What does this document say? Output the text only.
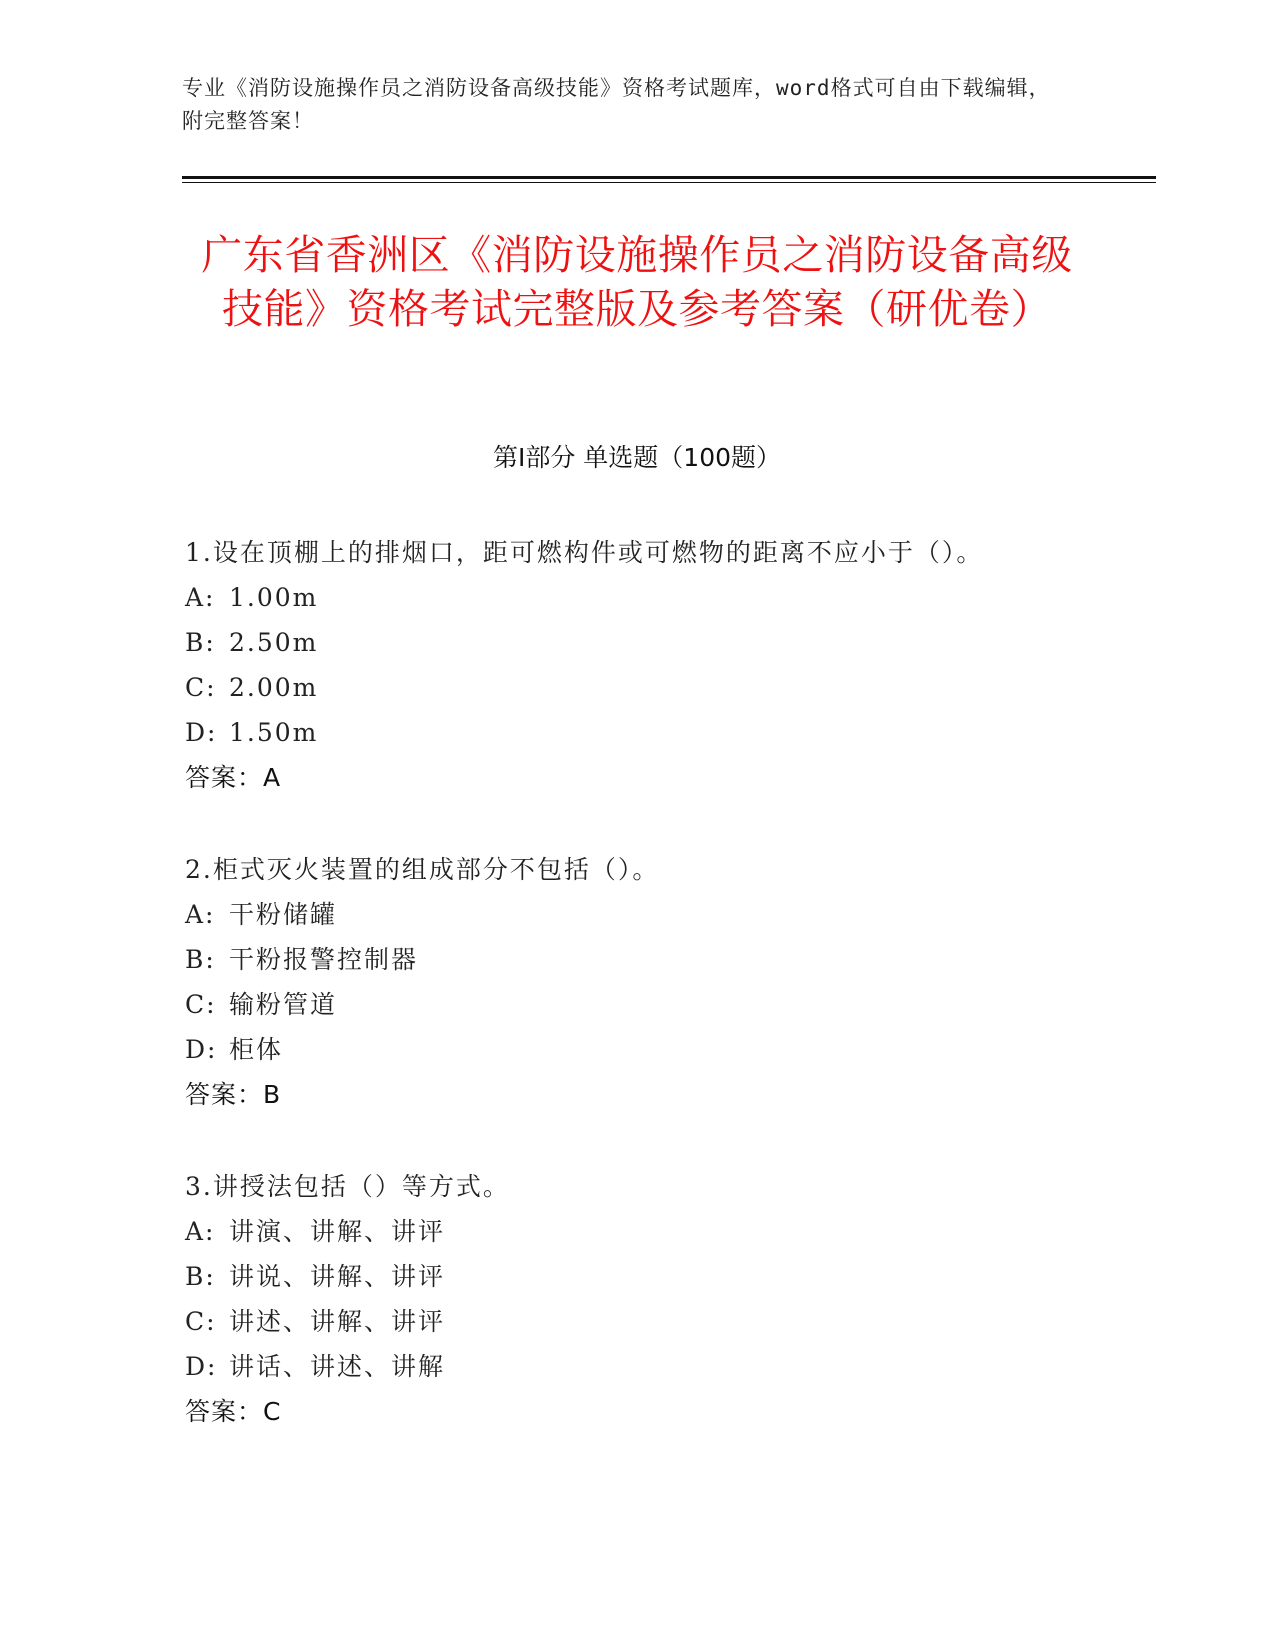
专业《消防设施操作员之消防设备高级技能》资格考试题库，word格式可自由下载编辑，附完整答案！
广东省香洲区《消防设施操作员之消防设备高级技能》资格考试完整版及参考答案（研优卷）
第Ⅰ部分 单选题（100题）
1.设在顶棚上的排烟口，距可燃构件或可燃物的距离不应小于（）。
A: 1.00m
B: 2.50m
C: 2.00m
D: 1.50m
答案：A
2.柜式灭火装置的组成部分不包括（）。
A: 干粉储罐
B: 干粉报警控制器
C: 输粉管道
D: 柜体
答案：B
3.讲授法包括（）等方式。
A: 讲演、讲解、讲评
B: 讲说、讲解、讲评
C: 讲述、讲解、讲评
D: 讲话、讲述、讲解
答案：C
